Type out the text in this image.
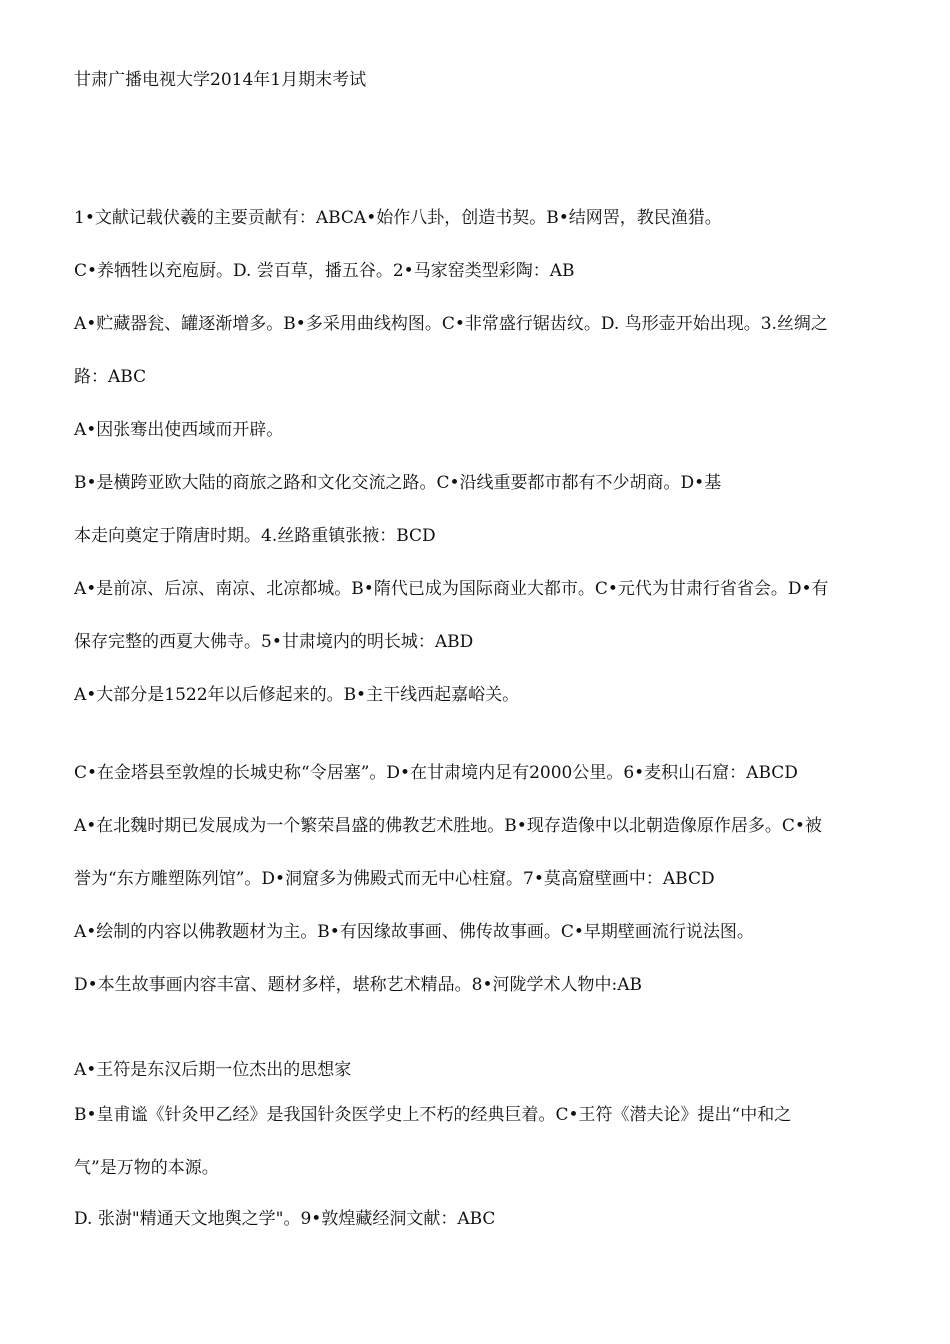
甘肃广播电视大学2014年1月期末考试
1•文献记载伏羲的主要贡献有：ABCA•始作八卦，创造书契。B•结网罟，教民渔猎。
C•养牺牲以充庖厨。D. 尝百草，播五谷。2•马家窑类型彩陶：AB
A•贮藏器瓮、罐逐渐增多。B•多采用曲线构图。C•非常盛行锯齿纹。D. 鸟形壶开始出现。3.丝绸之
路：ABC
A•因张骞出使西域而开辟。
B•是横跨亚欧大陆的商旅之路和文化交流之路。C•沿线重要都市都有不少胡商。D•基
本走向奠定于隋唐时期。4.丝路重镇张掖：BCD
A•是前凉、后凉、南凉、北凉都城。B•隋代已成为国际商业大都市。C•元代为甘肃行省省会。D•有
保存完整的西夏大佛寺。5•甘肃境内的明长城：ABD
A•大部分是1522年以后修起来的。B•主干线西起嘉峪关。
C•在金塔县至敦煌的长城史称“令居塞”。D•在甘肃境内足有2000公里。6•麦积山石窟：ABCD
A•在北魏时期已发展成为一个繁荣昌盛的佛教艺术胜地。B•现存造像中以北朝造像原作居多。C•被
誉为“东方雕塑陈列馆”。D•洞窟多为佛殿式而无中心柱窟。7•莫高窟壁画中：ABCD
A•绘制的内容以佛教题材为主。B•有因缘故事画、佛传故事画。C•早期壁画流行说法图。
D•本生故事画内容丰富、题材多样，堪称艺术精品。8•河陇学术人物中:AB
A•王符是东汉后期一位杰出的思想家
B•皇甫谧《针灸甲乙经》是我国针灸医学史上不朽的经典巨着。C•王符《潜夫论》提出“中和之
气”是万物的本源。
D. 张澍"精通天文地舆之学"。9•敦煌藏经洞文献：ABC
